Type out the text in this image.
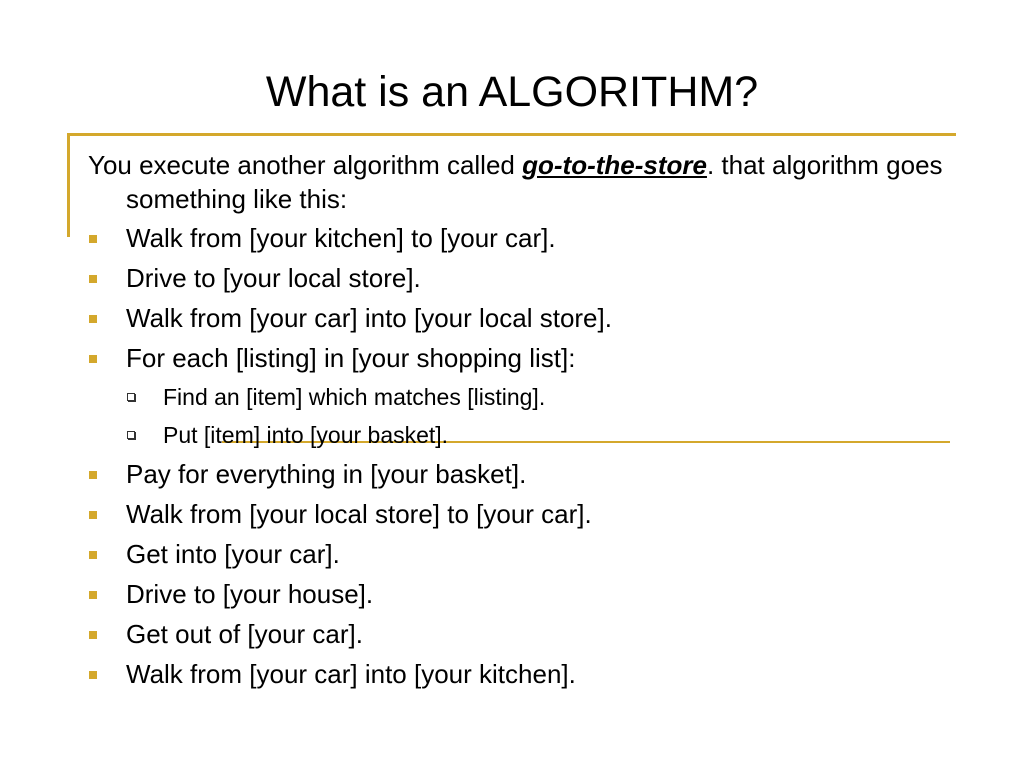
What is an ALGORITHM?
You execute another algorithm called go-to-the-store. that algorithm goes something like this:
Walk from [your kitchen] to [your car].
Drive to [your local store].
Walk from [your car] into [your local store].
For each [listing] in [your shopping list]:
Find an [item] which matches [listing].
Put [item] into [your basket].
Pay for everything in [your basket].
Walk from [your local store] to [your car].
Get into [your car].
Drive to [your house].
Get out of [your car].
Walk from [your car] into [your kitchen].
